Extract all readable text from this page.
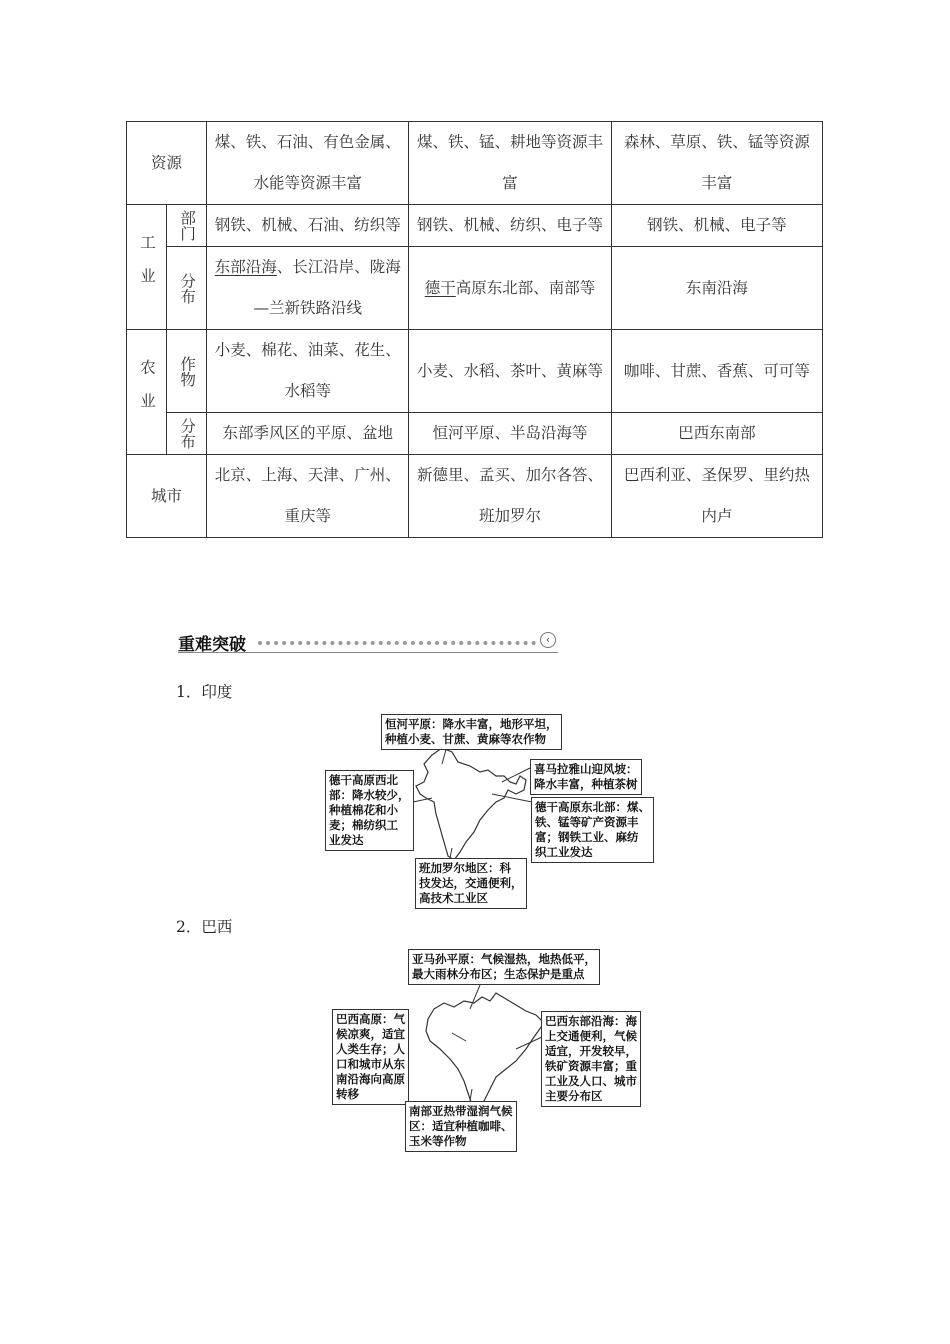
资源		煤、铁、石油、有色金属、水能等资源丰富	煤、铁、锰、耕地等资源丰富	森林、草原、铁、锰等资源丰富
工业	部门	钢铁、机械、石油、纺织等	钢铁、机械、纺织、电子等	钢铁、机械、电子等
	分布	东部沿海、长江沿岸、陇海—兰新铁路沿线	德干高原东北部、南部等	东南沿海
农业	作物	小麦、棉花、油菜、花生、水稻等	小麦、水稻、茶叶、黄麻等	咖啡、甘蔗、香蕉、可可等
	分布	东部季风区的平原、盆地	恒河平原、半岛沿海等	巴西东南部
城市		北京、上海、天津、广州、重庆等	新德里、孟买、加尔各答、班加罗尔	巴西利亚、圣保罗、里约热内卢
重难突破	‹
1．印度
恒河平原：降水丰富，地形平坦，
种植小麦、甘蔗、黄麻等农作物
喜马拉雅山迎风坡：
降水丰富，种植茶树
德干高原东北部：煤、
铁、锰等矿产资源丰
富；钢铁工业、麻纺
织工业发达
德干高原西北
部：降水较少，
种植棉花和小
麦；棉纺织工
业发达
班加罗尔地区：科
技发达，交通便利，
高技术工业区
2．巴西
亚马孙平原：气候湿热，地热低平，
最大雨林分布区；生态保护是重点
巴西高原：气
候凉爽，适宜
人类生存；人
口和城市从东
南沿海向高原
转移
巴西东部沿海：海
上交通便利，气候
适宜，开发较早，
铁矿资源丰富；重
工业及人口、城市
主要分布区
南部亚热带湿润气候
区：适宜种植咖啡、
玉米等作物
